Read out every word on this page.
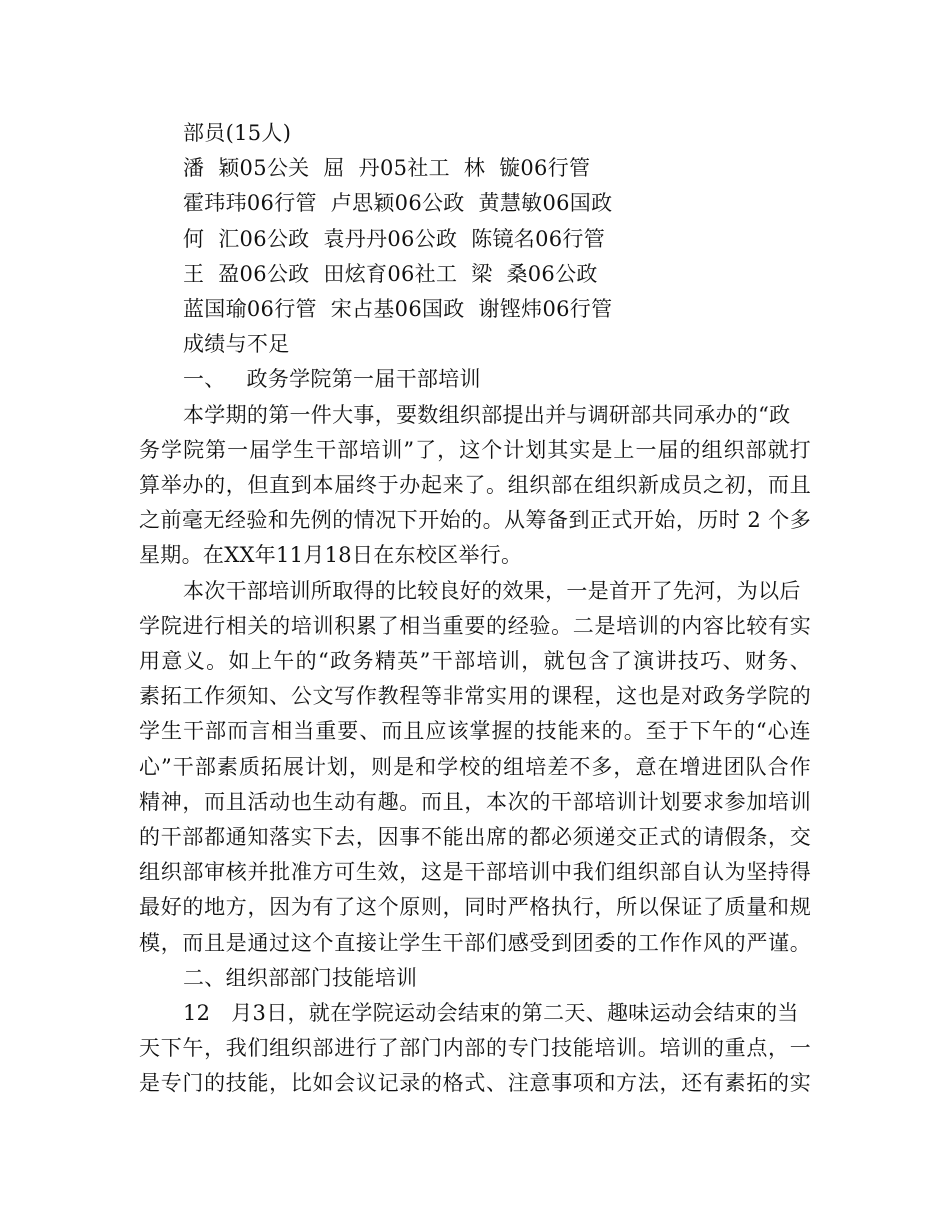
部员(15人)
潘  颖05公关  屈  丹05社工  林  镟06行管
霍玮玮06行管  卢思颖06公政  黄慧敏06国政
何  汇06公政  袁丹丹06公政  陈镜名06行管
王  盈06公政  田炫育06社工  梁  桑06公政
蓝国瑜06行管  宋占基06国政  谢铿炜06行管
成绩与不足
一、   政务学院第一届干部培训
本学期的第一件大事，要数组织部提出并与调研部共同承办的“政
务学院第一届学生干部培训”了，这个计划其实是上一届的组织部就打
算举办的，但直到本届终于办起来了。组织部在组织新成员之初，而且
之前毫无经验和先例的情况下开始的。从筹备到正式开始，历时 2 个多
星期。在XX年11月18日在东校区举行。
本次干部培训所取得的比较良好的效果，一是首开了先河，为以后
学院进行相关的培训积累了相当重要的经验。二是培训的内容比较有实
用意义。如上午的“政务精英”干部培训，就包含了演讲技巧、财务、
素拓工作须知、公文写作教程等非常实用的课程，这也是对政务学院的
学生干部而言相当重要、而且应该掌握的技能来的。至于下午的“心连
心”干部素质拓展计划，则是和学校的组培差不多，意在增进团队合作
精神，而且活动也生动有趣。而且，本次的干部培训计划要求参加培训
的干部都通知落实下去，因事不能出席的都必须递交正式的请假条，交
组织部审核并批准方可生效，这是干部培训中我们组织部自认为坚持得
最好的地方，因为有了这个原则，同时严格执行，所以保证了质量和规
模，而且是通过这个直接让学生干部们感受到团委的工作作风的严谨。
二、组织部部门技能培训
12   月3日，就在学院运动会结束的第二天、趣味运动会结束的当
天下午，我们组织部进行了部门内部的专门技能培训。培训的重点，一
是专门的技能，比如会议记录的格式、注意事项和方法，还有素拓的实
